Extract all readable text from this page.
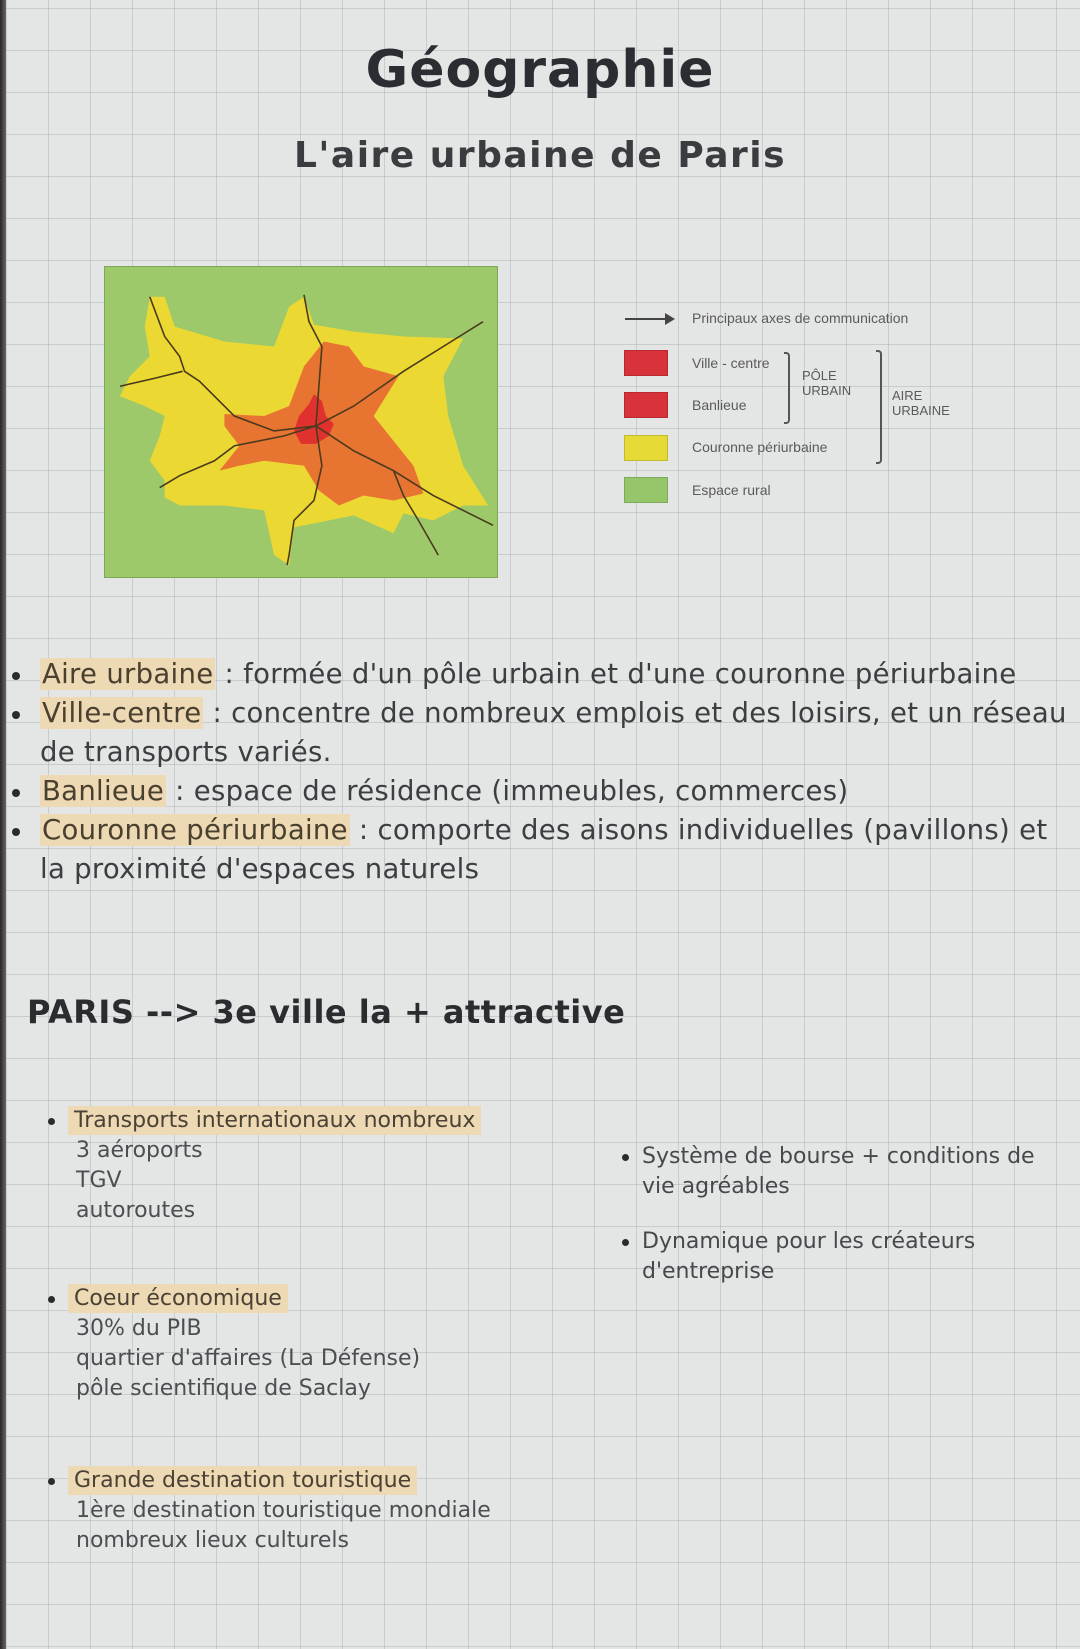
Géographie
L'aire urbaine de Paris
Principaux axes de communication
Ville - centre
Banlieue
PÔLE
URBAIN
Couronne périurbaine
AIRE
URBAINE
Espace rural
Aire urbaine : formée d'un pôle urbain et d'une couronne périurbaine
Ville-centre : concentre de nombreux emplois et des loisirs, et un réseau de transports variés.
Banlieue : espace de résidence (immeubles, commerces)
Couronne périurbaine : comporte des aisons individuelles (pavillons) et la proximité d'espaces naturels
PARIS --> 3e ville la + attractive
Transports internationaux nombreux
3 aéroports
TGV
autoroutes
Coeur économique
30% du PIB
quartier d'affaires (La Défense)
pôle scientifique de Saclay
Grande destination touristique
1ère destination touristique mondiale
nombreux lieux culturels
Système de bourse + conditions de vie agréables
Dynamique pour les créateurs d'entreprise
